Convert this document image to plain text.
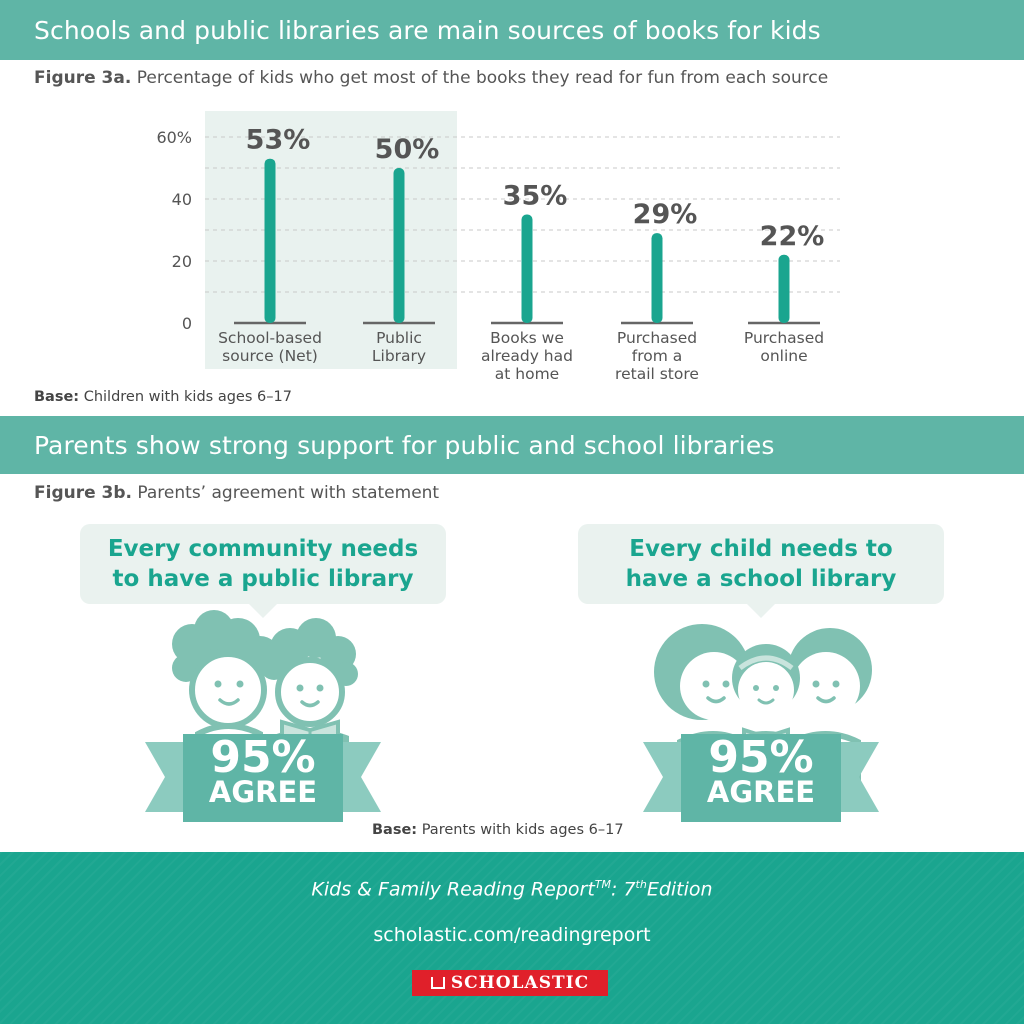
Schools and public libraries are main sources of books for kids
Figure 3a. Percentage of kids who get most of the books they read for fun from each source
0
20
40
60% 53%
School-based
source (Net)
50%
Public
Library
35%
Books we
already had
at home
29%
Purchased
from a
retail store
22%
Purchased
online
Base: Children with kids ages 6–17
Parents show strong support for public and school libraries
Figure 3b. Parents’ agreement with statement
Every community needs to have a public library
Every child needs to have a school library
95%
AGREE
95%
AGREE
Base: Parents with kids ages 6–17
Kids & Family Reading Report™: 7thEdition
scholastic.com/readingreport
SCHOLASTIC
